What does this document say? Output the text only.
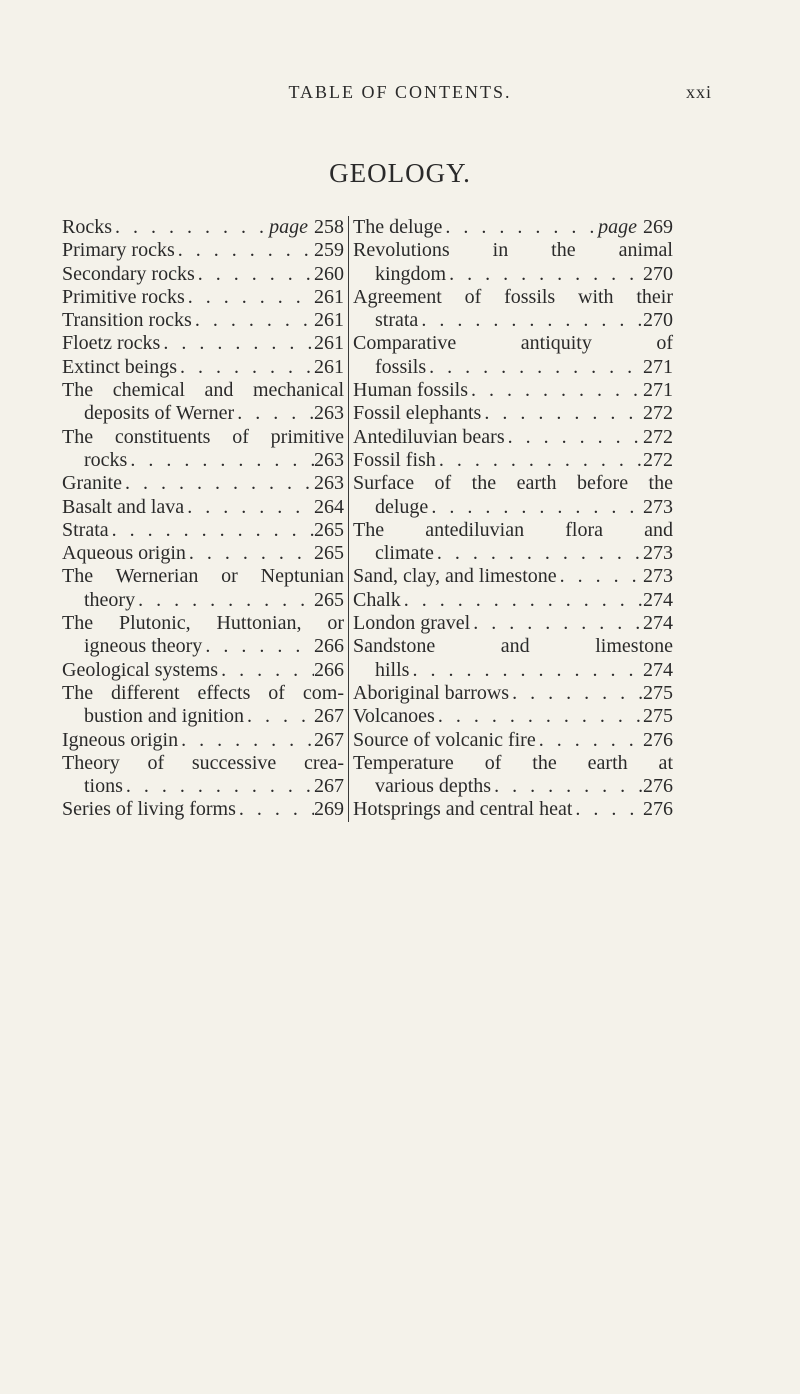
TABLE OF CONTENTS.	xxi
GEOLOGY.
Rocks . . .	page 258
Primary rocks . . .	259
Secondary rocks . . .	260
Primitive rocks . . .	261
Transition rocks . . .	261
Floetz rocks . . .	261
Extinct beings . . .	261
The chemical and mechanical
deposits of Werner . . .	263
The constituents of primitive
rocks . . .	263
Granite . . .	263
Basalt and lava . . .	264
Strata . . .	265
Aqueous origin . . .	265
The Wernerian or Neptunian
theory . . .	265
The Plutonic, Huttonian, or
igneous theory . . .	266
Geological systems . . .	266
The different effects of com-
bustion and ignition . . .	267
Igneous origin . . .	267
Theory of successive crea-
tions . . .	267
Series of living forms . . .	269
The deluge . . .	page 269
Revolutions in the animal
kingdom . . .	270
Agreement of fossils with their
strata . . .	270
Comparative antiquity of
fossils . . .	271
Human fossils . . .	271
Fossil elephants . . .	272
Antediluvian bears . . .	272
Fossil fish . . .	272
Surface of the earth before the
deluge . . .	273
The antediluvian flora and
climate . . .	273
Sand, clay, and limestone . . .	273
Chalk . . .	274
London gravel . . .	274
Sandstone and limestone
hills . . .	274
Aboriginal barrows . . .	275
Volcanoes . . .	275
Source of volcanic fire . . .	276
Temperature of the earth at
various depths . . .	276
Hotsprings and central heat . . .	276
